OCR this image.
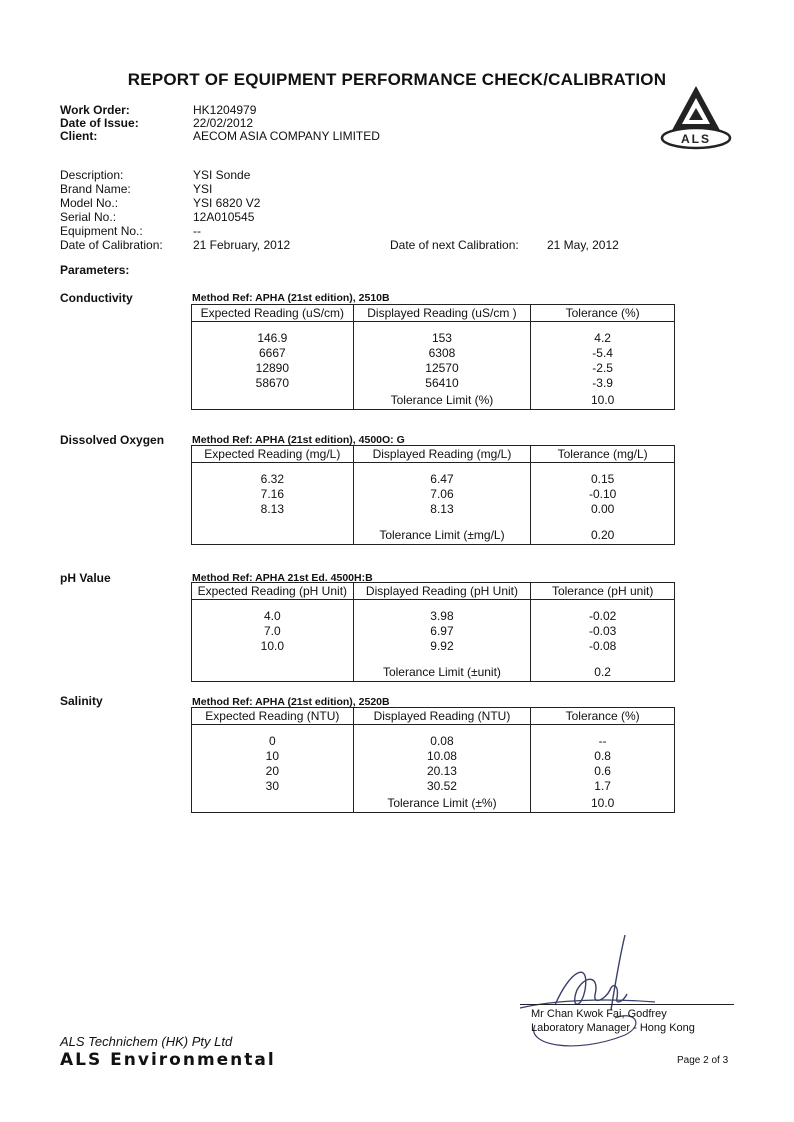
REPORT OF EQUIPMENT PERFORMANCE CHECK/CALIBRATION
ALS
Work Order:	HK1204979
Date of Issue:	22/02/2012
Client:	AECOM ASIA COMPANY LIMITED
Description:	YSI Sonde
Brand Name:	YSI
Model No.:	YSI 6820 V2
Serial No.:	12A010545
Equipment No.:	--
Date of Calibration:	21 February, 2012	Date of next Calibration: 21 May, 2012
Parameters:
Conductivity	Method Ref: APHA (21st edition), 2510B
Expected Reading (uS/cm)	Displayed Reading (uS/cm )	Tolerance (%)

146.9	153	4.2
6667	6308	-5.4
12890	12570	-2.5
58670	56410	-3.9
	Tolerance Limit (%)	10.0
Dissolved Oxygen	Method Ref: APHA (21st edition), 4500O: G
Expected Reading (mg/L)	Displayed Reading (mg/L)	Tolerance (mg/L)

6.32	6.47	0.15
7.16	7.06	-0.10
8.13	8.13	0.00

	Tolerance Limit (±mg/L)	0.20
pH Value	Method Ref: APHA 21st Ed. 4500H:B
Expected Reading (pH Unit)	Displayed Reading (pH Unit)	Tolerance (pH unit)

4.0	3.98	-0.02
7.0	6.97	-0.03
10.0	9.92	-0.08

	Tolerance Limit (±unit)	0.2
Salinity	Method Ref: APHA (21st edition), 2520B
Expected Reading (NTU)	Displayed Reading (NTU)	Tolerance (%)

0	0.08	--
10	10.08	0.8
20	20.13	0.6
30	30.52	1.7
	Tolerance Limit (±%)	10.0
Mr Chan Kwok Fai, Godfrey
Laboratory Manager - Hong Kong
ALS Technichem (HK) Pty Ltd
ALS Environmental	Page 2 of 3
